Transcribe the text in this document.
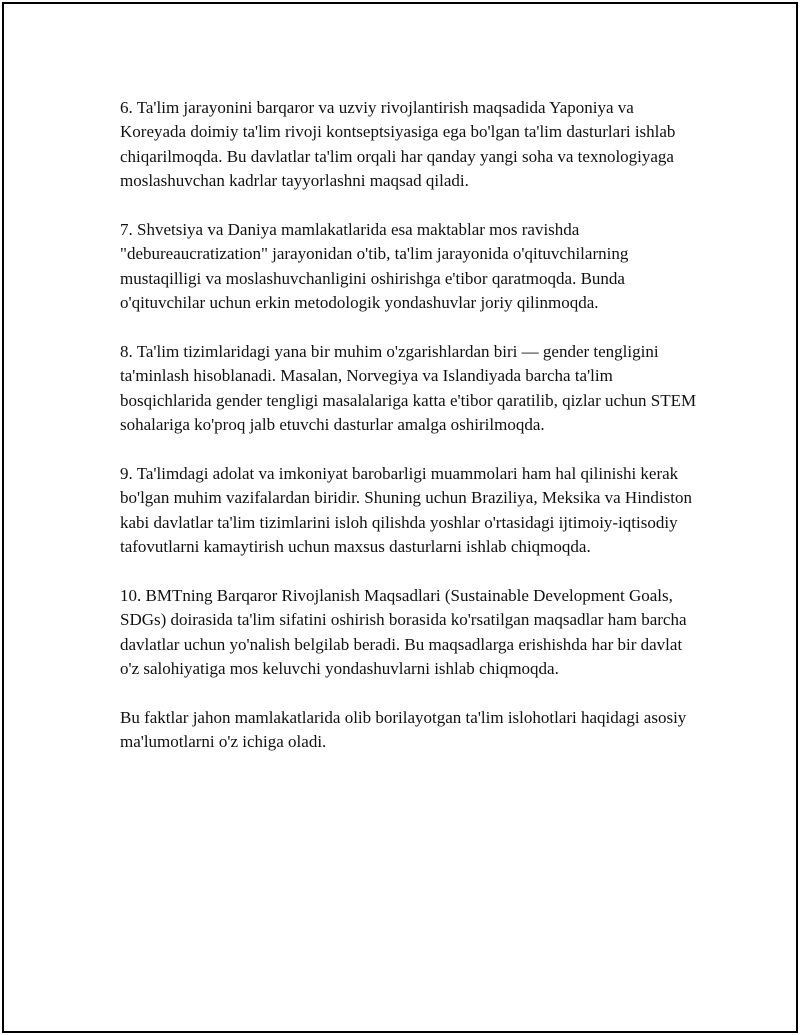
6. Ta'lim jarayonini barqaror va uzviy rivojlantirish maqsadida Yaponiya va Koreyada doimiy ta'lim rivoji kontseptsiyasiga ega bo'lgan ta'lim dasturlari ishlab chiqarilmoqda. Bu davlatlar ta'lim orqali har qanday yangi soha va texnologiyaga moslashuvchan kadrlar tayyorlashni maqsad qiladi.

7. Shvetsiya va Daniya mamlakatlarida esa maktablar mos ravishda "debureaucratization" jarayonidan o'tib, ta'lim jarayonida o'qituvchilarning mustaqilligi va moslashuvchanligini oshirishga e'tibor qaratmoqda. Bunda o'qituvchilar uchun erkin metodologik yondashuvlar joriy qilinmoqda.

8. Ta'lim tizimlaridagi yana bir muhim o'zgarishlardan biri — gender tengligini ta'minlash hisoblanadi. Masalan, Norvegiya va Islandiyada barcha ta'lim bosqichlarida gender tengligi masalalariga katta e'tibor qaratilib, qizlar uchun STEM sohalariga ko'proq jalb etuvchi dasturlar amalga oshirilmoqda.

9. Ta'limdagi adolat va imkoniyat barobarligi muammolari ham hal qilinishi kerak bo'lgan muhim vazifalardan biridir. Shuning uchun Braziliya, Meksika va Hindiston kabi davlatlar ta'lim tizimlarini isloh qilishda yoshlar o'rtasidagi ijtimoiy-iqtisodiy tafovutlarni kamaytirish uchun maxsus dasturlarni ishlab chiqmoqda.

10. BMTning Barqaror Rivojlanish Maqsadlari (Sustainable Development Goals, SDGs) doirasida ta'lim sifatini oshirish borasida ko'rsatilgan maqsadlar ham barcha davlatlar uchun yo'nalish belgilab beradi. Bu maqsadlarga erishishda har bir davlat o'z salohiyatiga mos keluvchi yondashuvlarni ishlab chiqmoqda.

Bu faktlar jahon mamlakatlarida olib borilayotgan ta'lim islohotlari haqidagi asosiy ma'lumotlarni o'z ichiga oladi.
